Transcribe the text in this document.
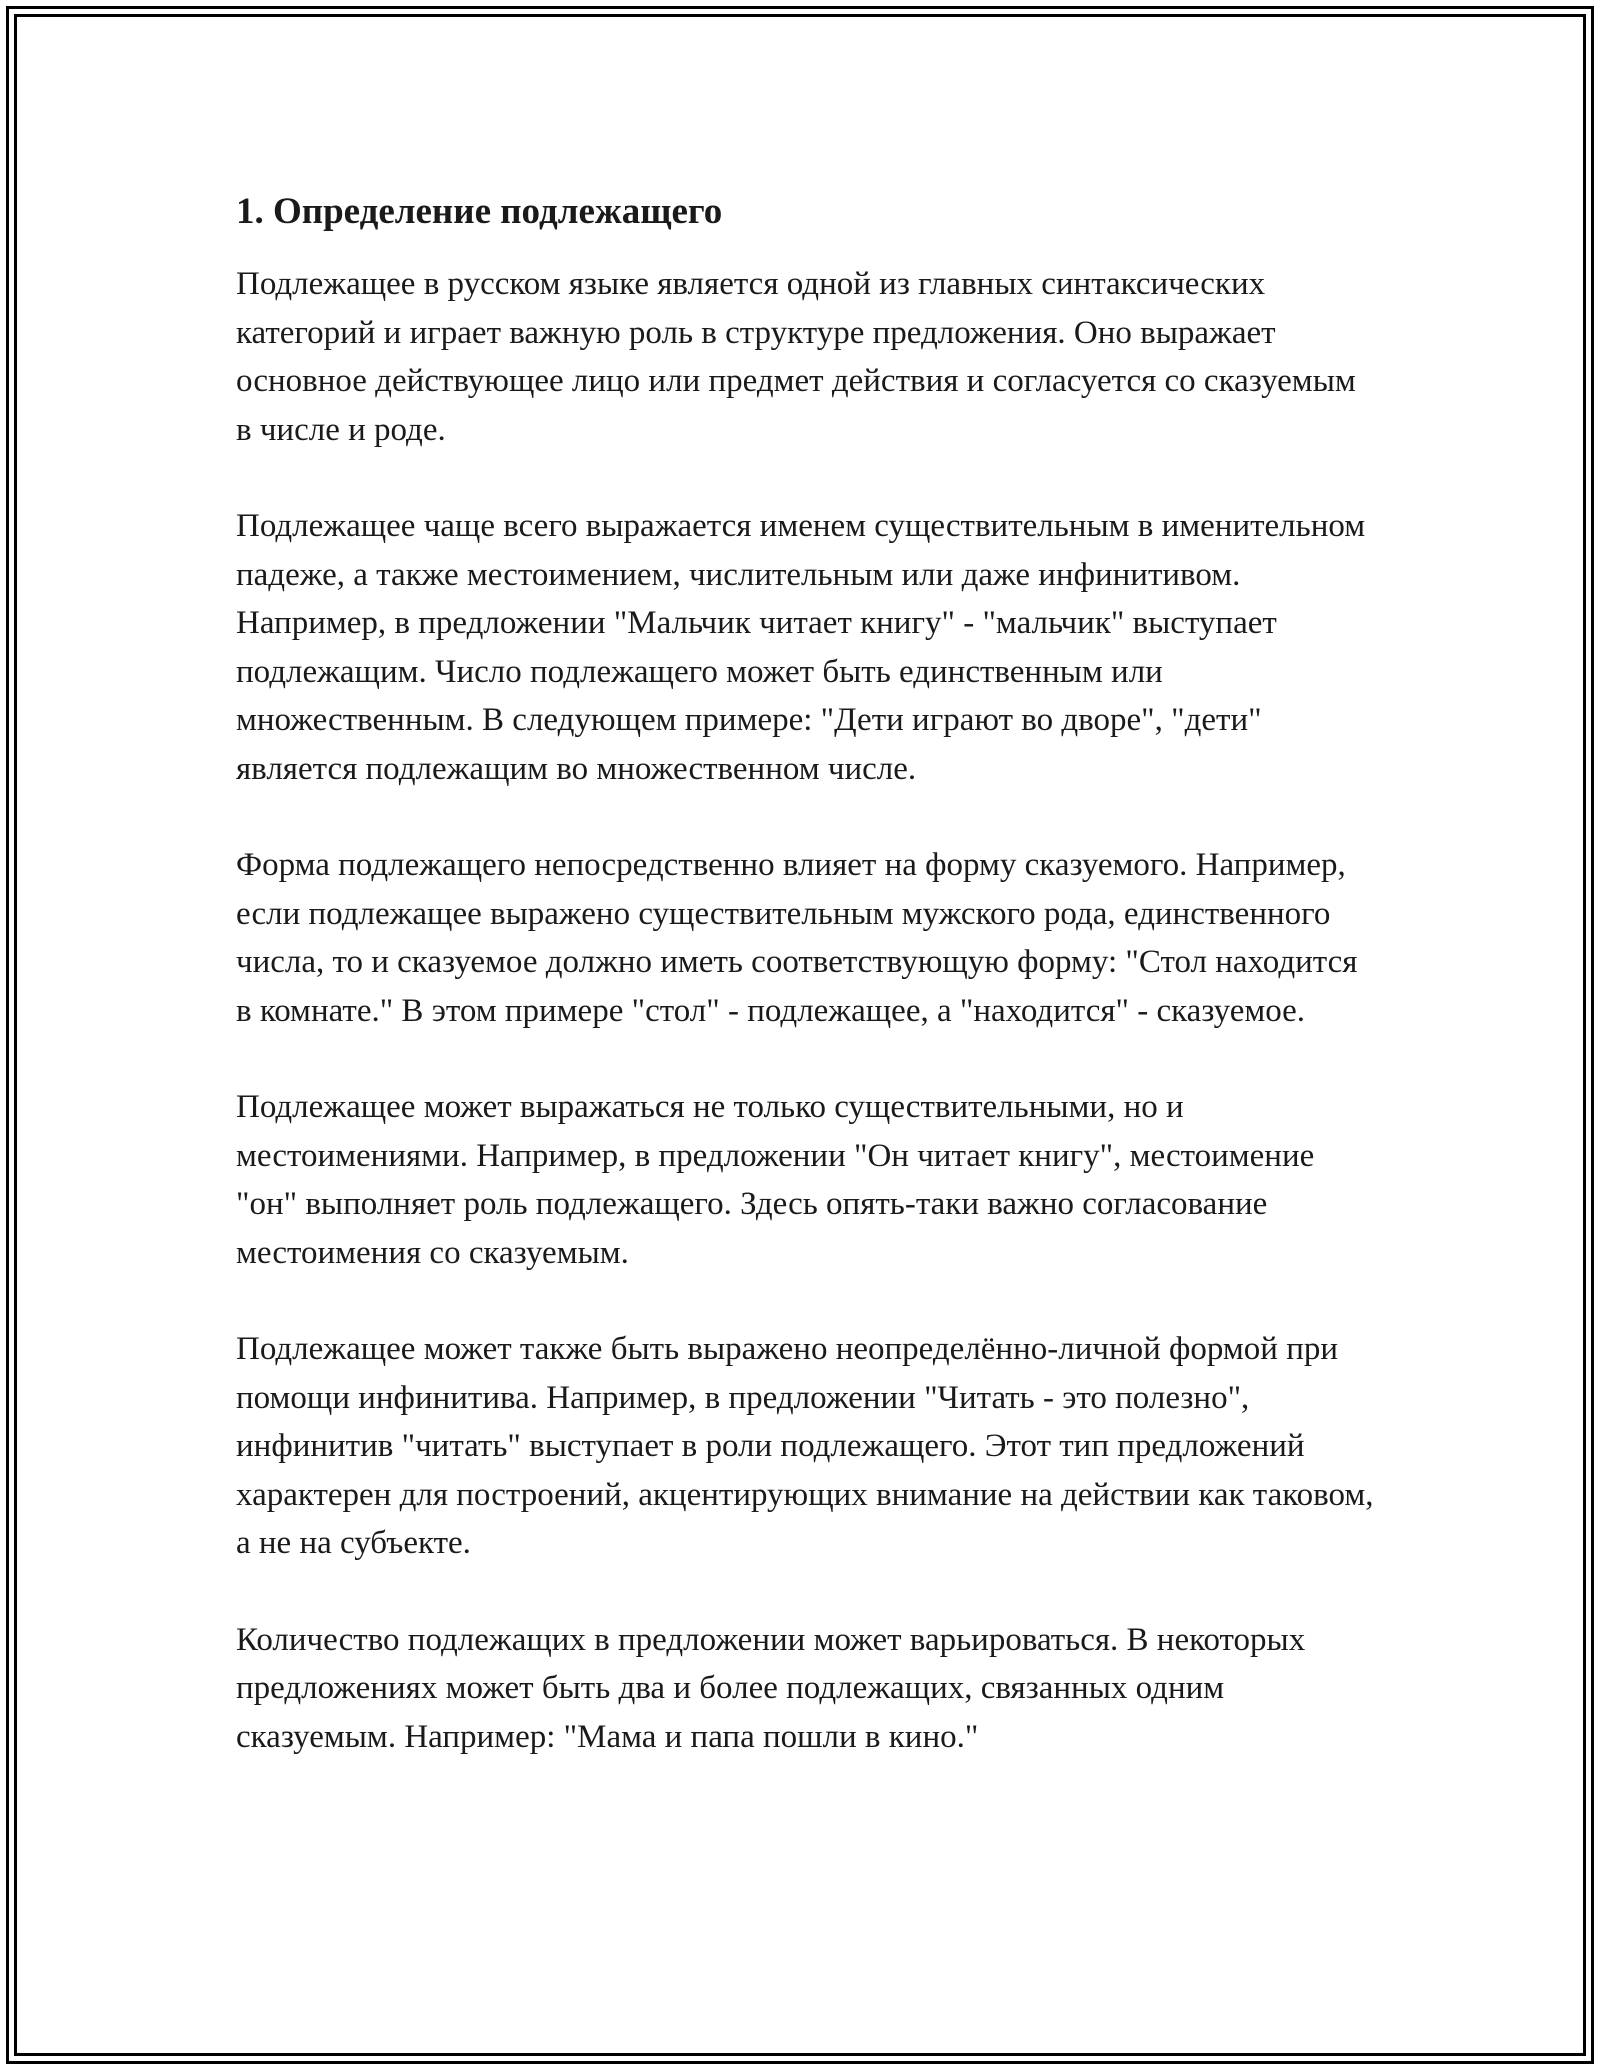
1. Определение подлежащего

Подлежащее в русском языке является одной из главных синтаксических категорий и играет важную роль в структуре предложения. Оно выражает основное действующее лицо или предмет действия и согласуется со сказуемым в числе и роде.

Подлежащее чаще всего выражается именем существительным в именительном падеже, а также местоимением, числительным или даже инфинитивом. Например, в предложении "Мальчик читает книгу" - "мальчик" выступает подлежащим. Число подлежащего может быть единственным или множественным. В следующем примере: "Дети играют во дворе", "дети" является подлежащим во множественном числе.

Форма подлежащего непосредственно влияет на форму сказуемого. Например, если подлежащее выражено существительным мужского рода, единственного числа, то и сказуемое должно иметь соответствующую форму: "Стол находится в комнате." В этом примере "стол" - подлежащее, а "находится" - сказуемое.

Подлежащее может выражаться не только существительными, но и местоимениями. Например, в предложении "Он читает книгу", местоимение "он" выполняет роль подлежащего. Здесь опять-таки важно согласование местоимения со сказуемым.

Подлежащее может также быть выражено неопределённо-личной формой при помощи инфинитива. Например, в предложении "Читать - это полезно", инфинитив "читать" выступает в роли подлежащего. Этот тип предложений характерен для построений, акцентирующих внимание на действии как таковом, а не на субъекте.

Количество подлежащих в предложении может варьироваться. В некоторых предложениях может быть два и более подлежащих, связанных одним сказуемым. Например: "Мама и папа пошли в кино."
